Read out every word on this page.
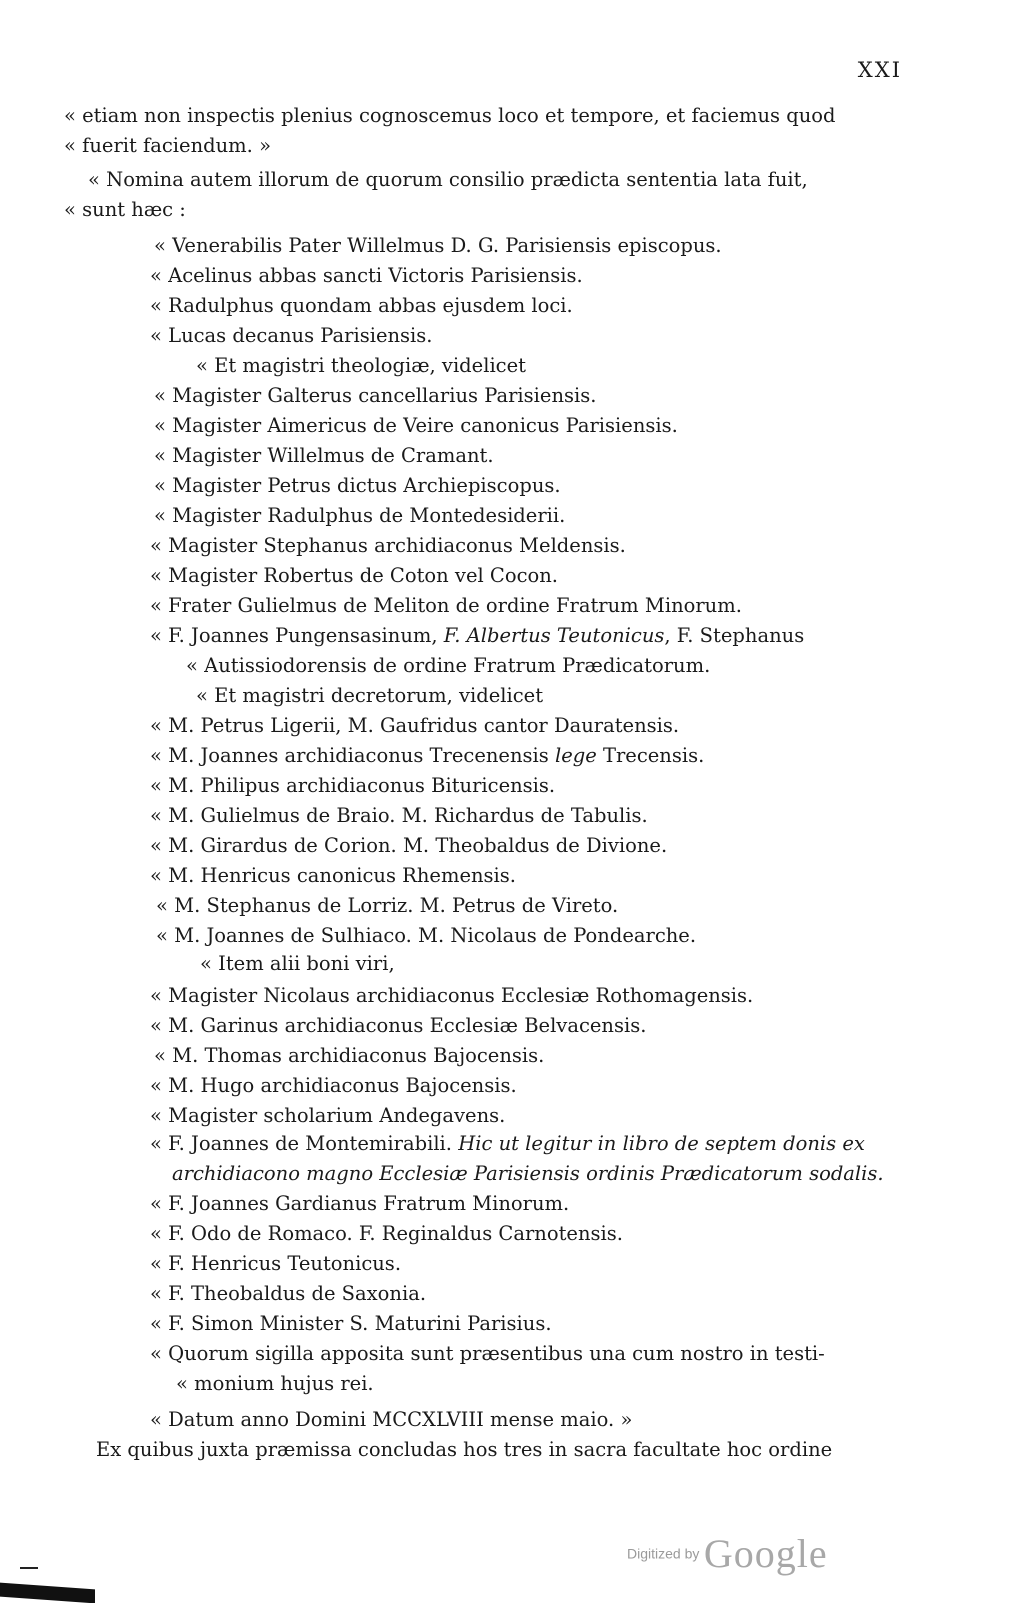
XXI
« etiam non inspectis plenius cognoscemus loco et tempore, et faciemus quod
« fuerit faciendum. »
« Nomina autem illorum de quorum consilio prædicta sententia lata fuit,
« sunt hæc :
« Venerabilis Pater Willelmus D. G. Parisiensis episcopus.
« Acelinus abbas sancti Victoris Parisiensis.
« Radulphus quondam abbas ejusdem loci.
« Lucas decanus Parisiensis.
« Et magistri theologiæ, videlicet
« Magister Galterus cancellarius Parisiensis.
« Magister Aimericus de Veire canonicus Parisiensis.
« Magister Willelmus de Cramant.
« Magister Petrus dictus Archiepiscopus.
« Magister Radulphus de Montedesiderii.
« Magister Stephanus archidiaconus Meldensis.
« Magister Robertus de Coton vel Cocon.
« Frater Gulielmus de Meliton de ordine Fratrum Minorum.
« F. Joannes Pungensasinum, F. Albertus Teutonicus, F. Stephanus
« Autissiodorensis de ordine Fratrum Prædicatorum.
« Et magistri decretorum, videlicet
« M. Petrus Ligerii, M. Gaufridus cantor Dauratensis.
« M. Joannes archidiaconus Trecenensis lege Trecensis.
« M. Philipus archidiaconus Bituricensis.
« M. Gulielmus de Braio. M. Richardus de Tabulis.
« M. Girardus de Corion. M. Theobaldus de Divione.
« M. Henricus canonicus Rhemensis.
« M. Stephanus de Lorriz. M. Petrus de Vireto.
« M. Joannes de Sulhiaco. M. Nicolaus de Pondearche.
« Item alii boni viri,
« Magister Nicolaus archidiaconus Ecclesiæ Rothomagensis.
« M. Garinus archidiaconus Ecclesiæ Belvacensis.
« M. Thomas archidiaconus Bajocensis.
« M. Hugo archidiaconus Bajocensis.
« Magister scholarium Andegavens.
« F. Joannes de Montemirabili. Hic ut legitur in libro de septem donis ex
archidiacono magno Ecclesiæ Parisiensis ordinis Prædicatorum sodalis.
« F. Joannes Gardianus Fratrum Minorum.
« F. Odo de Romaco. F. Reginaldus Carnotensis.
« F. Henricus Teutonicus.
« F. Theobaldus de Saxonia.
« F. Simon Minister S. Maturini Parisius.
« Quorum sigilla apposita sunt præsentibus una cum nostro in testi-
« monium hujus rei.
« Datum anno Domini MCCXLVIII mense maio. »
Ex quibus juxta præmissa concludas hos tres in sacra facultate hoc ordine
Digitized by Google
